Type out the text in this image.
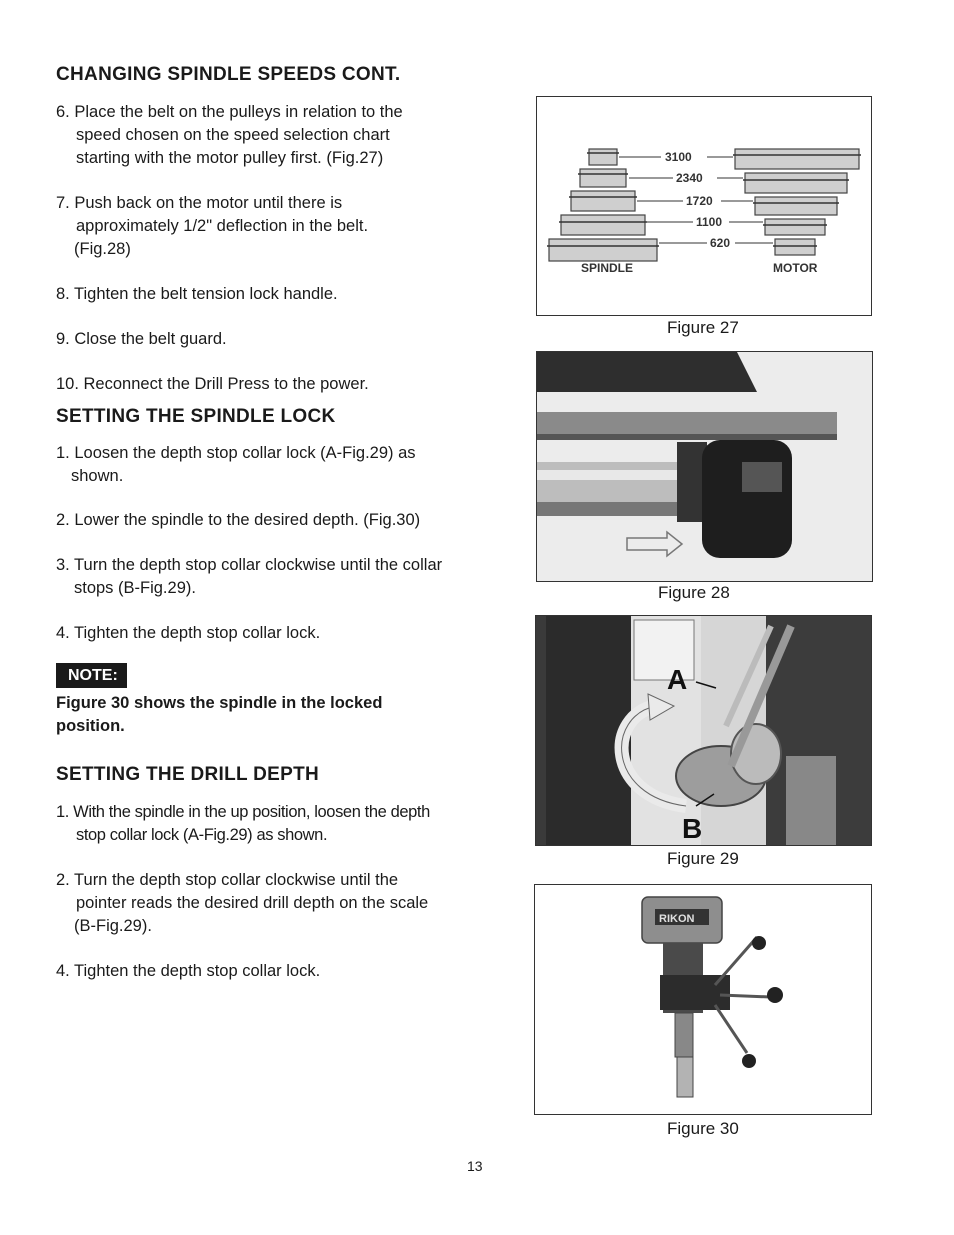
CHANGING SPINDLE SPEEDS CONT.

6. Place the belt on the pulleys in relation to the
speed chosen on the speed selection chart
starting with the motor pulley first. (Fig.27)

7. Push back on the motor until there is
approximately 1/2" deflection in the belt.
(Fig.28)

8. Tighten the belt tension lock handle.

9. Close the belt guard.

10. Reconnect the Drill Press to the power.

SETTING THE SPINDLE LOCK

1. Loosen the depth stop collar lock (A-Fig.29) as
shown.

2. Lower the spindle to the desired depth. (Fig.30)

3. Turn the depth stop collar clockwise until the collar
stops (B-Fig.29).

4. Tighten the depth stop collar lock.

NOTE:

Figure 30 shows the spindle in the locked

position.

SETTING THE DRILL DEPTH

1. With the spindle in the up position, loosen the depth
stop collar lock (A-Fig.29) as shown.

2. Turn the depth stop collar clockwise until the
pointer reads the desired drill depth on the scale
(B-Fig.29).

4. Tighten the depth stop collar lock.

3100
2340
1720
1100
620
SPINDLE	MOTOR
Figure 27
Figure 28
A
B
Figure 29
RIKON
Figure 30
13
